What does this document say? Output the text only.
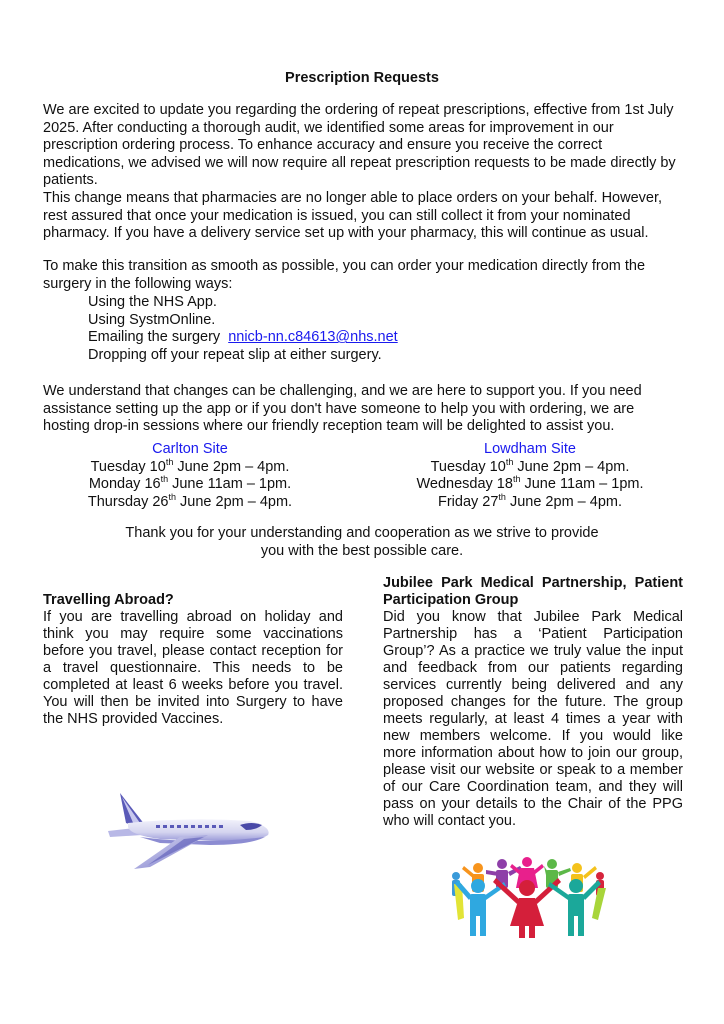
Prescription Requests
We are excited to update you regarding the ordering of repeat prescriptions, effective from 1st July 2025. After conducting a thorough audit, we identified some areas for improvement in our prescription ordering process. To enhance accuracy and ensure you receive the correct medications, we advised we will now require all repeat prescription requests to be made directly by patients.
This change means that pharmacies are no longer able to place orders on your behalf. However, rest assured that once your medication is issued, you can still collect it from your nominated pharmacy. If you have a delivery service set up with your pharmacy, this will continue as usual.
To make this transition as smooth as possible, you can order your medication directly from the surgery in the following ways:
Using the NHS App.
Using SystmOnline.
Emailing the surgery nnicb-nn.c84613@nhs.net
Dropping off your repeat slip at either surgery.
We understand that changes can be challenging, and we are here to support you. If you need assistance setting up the app or if you don't have someone to help you with ordering, we are hosting drop-in sessions where our friendly reception team will be delighted to assist you.
Carlton Site
Tuesday 10th June 2pm – 4pm.
Monday 16th June 11am – 1pm.
Thursday 26th June 2pm – 4pm.
Lowdham Site
Tuesday 10th June 2pm – 4pm.
Wednesday 18th June 11am – 1pm.
Friday 27th June 2pm – 4pm.
Thank you for your understanding and cooperation as we strive to provide
you with the best possible care.
Travelling Abroad?

If you are travelling abroad on holiday and think you may require some vaccinations before you travel, please contact reception for a travel questionnaire. This needs to be completed at least 6 weeks before you travel. You will then be invited into Surgery to have the NHS provided Vaccines.

Jubilee Park Medical Partnership, Patient Participation Group

Did you know that Jubilee Park Medical Partnership has a ‘Patient Participation Group’? As a practice we truly value the input and feedback from our patients regarding services currently being delivered and any proposed changes for the future. The group meets regularly, at least 4 times a year with new members welcome. If you would like more information about how to join our group, please visit our website or speak to a member of our Care Coordination team, and they will pass on your details to the Chair of the PPG who will contact you.
